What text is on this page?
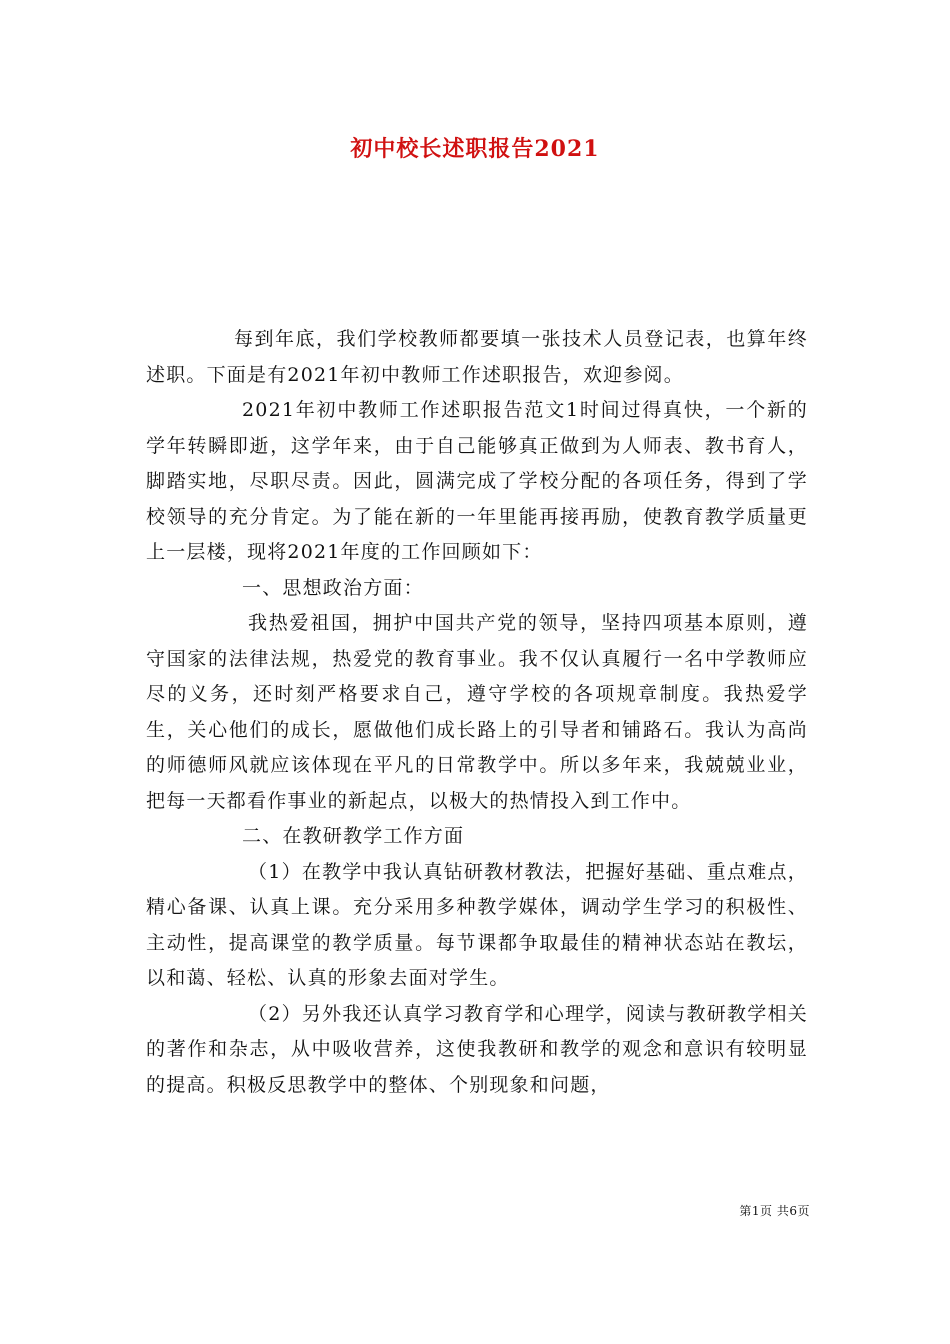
初中校长述职报告2021

每到年底，我们学校教师都要填一张技术人员登记表，也算年终述职。下面是有2021年初中教师工作述职报告，欢迎参阅。

2021年初中教师工作述职报告范文1时间过得真快，一个新的学年转瞬即逝，这学年来，由于自己能够真正做到为人师表、教书育人，脚踏实地，尽职尽责。因此，圆满完成了学校分配的各项任务，得到了学校领导的充分肯定。为了能在新的一年里能再接再励，使教育教学质量更上一层楼，现将2021年度的工作回顾如下：

一、思想政治方面：

我热爱祖国，拥护中国共产党的领导，坚持四项基本原则，遵守国家的法律法规，热爱党的教育事业。我不仅认真履行一名中学教师应尽的义务，还时刻严格要求自己，遵守学校的各项规章制度。我热爱学生，关心他们的成长，愿做他们成长路上的引导者和铺路石。我认为高尚的师德师风就应该体现在平凡的日常教学中。所以多年来，我兢兢业业，把每一天都看作事业的新起点，以极大的热情投入到工作中。

二、在教研教学工作方面

（1）在教学中我认真钻研教材教法，把握好基础、重点难点，精心备课、认真上课。充分采用多种教学媒体，调动学生学习的积极性、主动性，提高课堂的教学质量。每节课都争取最佳的精神状态站在教坛，以和蔼、轻松、认真的形象去面对学生。

（2）另外我还认真学习教育学和心理学，阅读与教研教学相关的著作和杂志，从中吸收营养，这使我教研和教学的观念和意识有较明显的提高。积极反思教学中的整体、个别现象和问题，

第1页 共6页
